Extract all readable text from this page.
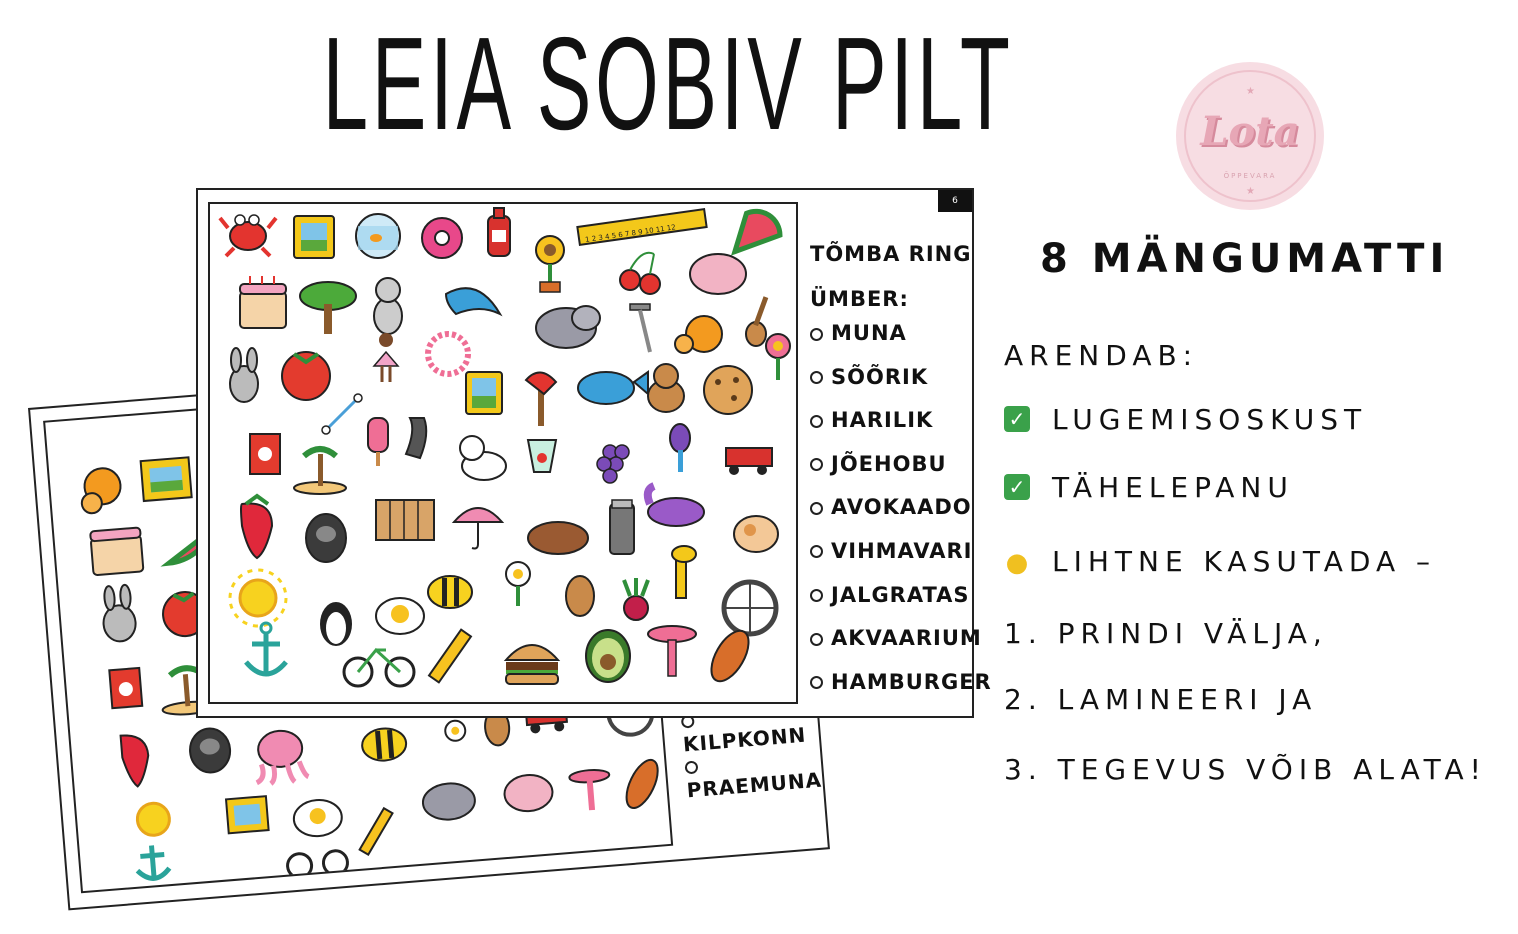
LEIA SOBIV PILT	★
★
Lota
ÕPPEVARA
KILPKONN
PRAEMUNA
6
1 2 3 4 5 6 7 8 9 10 11 12
TÕMBA RING
ÜMBER:
MUNA
SÕÕRIK
HARILIK
JÕEHOBU
AVOKAADO
VIHMAVARI
JALGRATAS
AKVAARIUM
HAMBURGER
8 MÄNGUMATTI
ARENDAB:
✓ LUGEMISOSKUST
✓ TÄHELEPANU
● LIHTNE KASUTADA –
1. PRINDI VÄLJA,
2. LAMINEERI JA
3. TEGEVUS VÕIB ALATA!
